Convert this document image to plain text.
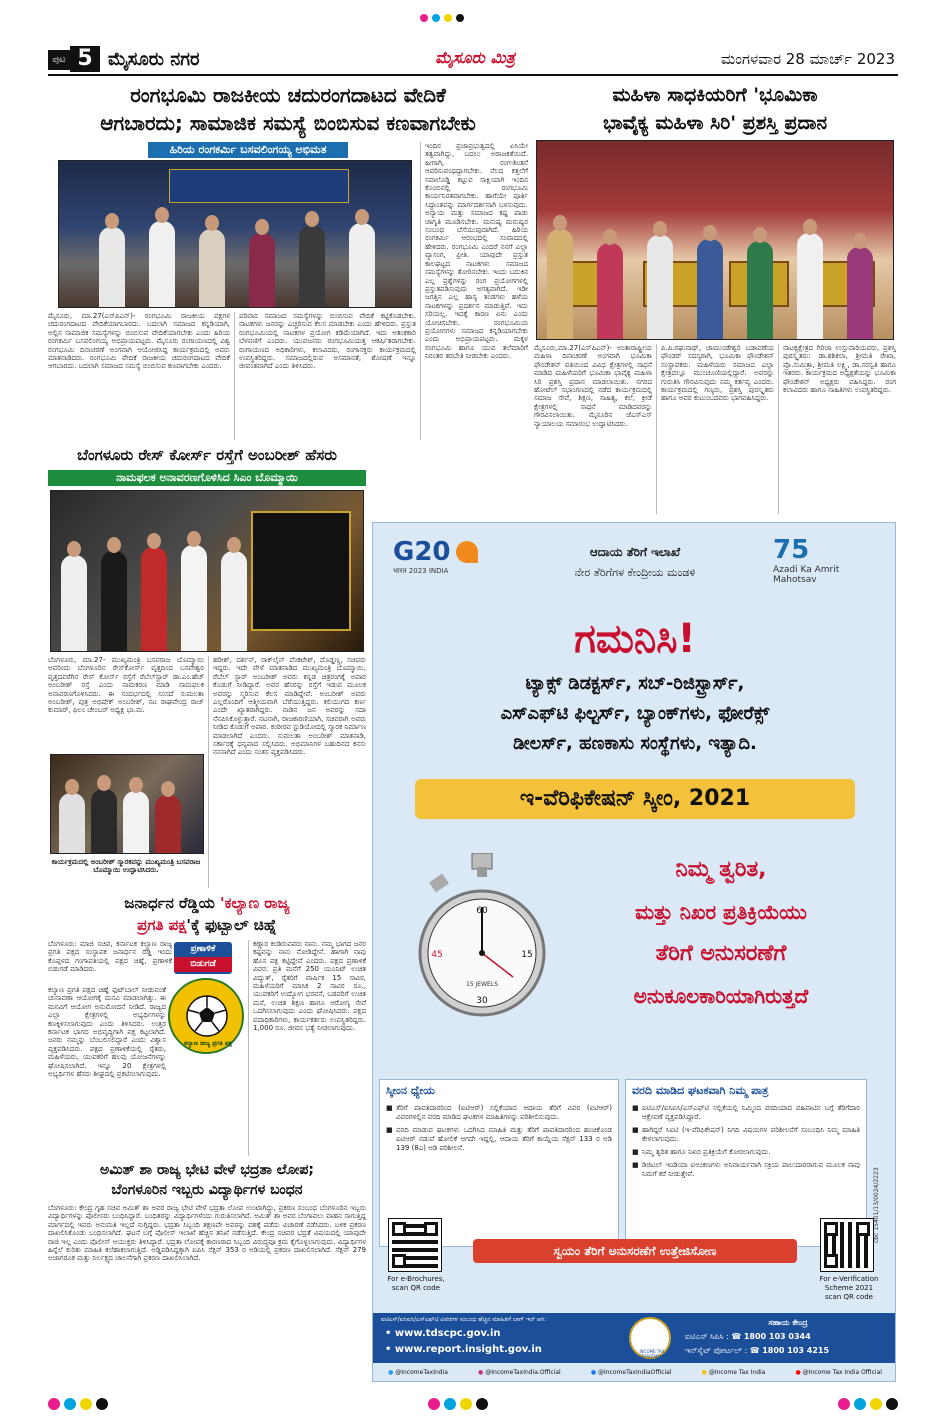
ಪುಟ 5 ಮೈಸೂರು ನಗರ	ಮೈಸೂರು ಮಿತ್ರ	ಮಂಗಳವಾರ 28 ಮಾರ್ಚ್ 2023
ರಂಗಭೂಮಿ ರಾಜಕೀಯ ಚದುರಂಗದಾಟದ ವೇದಿಕೆ
ಆಗಬಾರದು; ಸಾಮಾಜಿಕ ಸಮಸ್ಯೆ ಬಿಂಬಿಸುವ ಕಣವಾಗಬೇಕು
ಹಿರಿಯ ರಂಗಕರ್ಮಿ ಬಸವಲಿಂಗಯ್ಯ ಅಭಿಮತ
ಮೈಸೂರು, ಮಾ.27(ಎಸ್‌ಪಿಎನ್)- ರಂಗಭೂಮಿ ರಾಜಕೀಯ ಪಕ್ಷಗಳ ಚದುರಂಗದಾಟದ ವೇದಿಕೆಯಾಗಬಾರದು. ಬದಲಾಗಿ ಸಮಾಜದ ಕನ್ನಡಿಯಾಗಿ, ಅಲ್ಲಿನ ಸಾಮಾಜಿಕ ಸಮಸ್ಯೆಗಳನ್ನು ಬಿಂಬಿಸುವ ವೇದಿಕೆಯಾಗಬೇಕು ಎಂದು ಹಿರಿಯ ರಂಗಕರ್ಮಿ ಬಸವಲಿಂಗಯ್ಯ ಅಭಿಪ್ರಾಯಪಟ್ಟರು. ಮೈಸೂರು ರಂಗಾಯಣದಲ್ಲಿ ವಿಶ್ವ ರಂಗಭೂಮಿ ದಿನಾಚರಣೆ ಅಂಗವಾಗಿ ಆಯೋಜಿಸಿದ್ದ ಕಾರ್ಯಕ್ರಮದಲ್ಲಿ ಅವರು ಮಾತನಾಡಿದರು. ರಂಗಭೂಮಿ ವೇದಿಕೆ ರಾಜಕೀಯ ಚದುರಂಗದಾಟದ ವೇದಿಕೆ ಆಗಬಾರದು. ಬದಲಾಗಿ ಸಮಾಜದ ಸಮಸ್ಯೆ ಬಿಂಬಿಸುವ ಕಣವಾಗಬೇಕು ಎಂದರು.
ಪರಿವಾರ ಸಮಾಜದ ಸಮಸ್ಯೆಗಳನ್ನು ಬಿಂಬಿಸುವ ವೇದಿಕೆ ಕಟ್ಟಿಕೊಡಬೇಕು. ನಾಟಕಗಳು ಜನರನ್ನು ಎಚ್ಚರಿಸುವ ಕೆಲಸ ಮಾಡಬೇಕು ಎಂದು ಹೇಳಿದರು. ಪ್ರಸ್ತುತ ರಂಗಭೂಮಿಯಲ್ಲಿ ನಾಟಕಗಳ ಪ್ರಯೋಗ ಕಡಿಮೆಯಾಗಿದೆ. ಇದು ಆತಂಕಕಾರಿ ಬೆಳವಣಿಗೆ ಎಂದರು. ಯುವಜನರು ರಂಗಭೂಮಿಯತ್ತ ಆಕರ್ಷಿತರಾಗಬೇಕು. ರಂಗಾಯಣದ ಅಧಿಕಾರಿಗಳು, ಕಲಾವಿದರು, ರಂಗಾಸಕ್ತರು ಕಾರ್ಯಕ್ರಮದಲ್ಲಿ ಉಪಸ್ಥಿತರಿದ್ದರು. ಸಮಾಜದಲ್ಲಿರುವ ಅಸಮಾನತೆ, ಶೋಷಣೆ ಇನ್ನೂ ಜೀವಂತವಾಗಿದೆ ಎಂದು ತಿಳಿಸಿದರು.
ಇಂದಿನ ಪ್ರಜಾಪ್ರಭುತ್ವದಲ್ಲಿ ಏಸಿಯೇ ತತ್ವವಾಗಿದ್ದು, ಬದಲು ಅರಾಜಕತೆಯಿದೆ. ಹೀಗಾಗಿ, ರಂಗ-ಶಿಂತನೆ ಆವರಿಸುವಂಥದ್ದಾಗಬೇಕು. ನೆಲದ ಕತ್ತಲೆಗೆ ಸವಾಲೊಡ್ಡಿ ಕಟ್ಟುವ ಸಾಕ್ಷಿಯಾಗಿ ಇಂದಿನ ಕೊಂಬಿನಲ್ಲಿ ರಂಗಭೂಮಿ ಕಾರ್ಯನಿರತವಾಗಬೇಕು. ಹಾಗೆಯೇ ಪೂರ್ತಿ ಸಿದ್ಧಾಂತವನ್ನು ಮಾರ್ಗದರ್ಶನಾಗಿ ಬಳಸುವುದು. ಅನ್ಯಾಯ ಮತ್ತು ಸಮಾಜದ ಕಷ್ಟ ಪಾಡು ಜಾಗೃತಿ ಮೂಡಿಸಬೇಕು. ಮನುಷ್ಯ ಮನುಷ್ಯರ ಸಂಬಂಧ ಬೆಸೆಯುವುದಾಗಿದೆ. ಹಿರಿಯ ರಂಗಕರ್ಮಿ ಆರಂಭದಲ್ಲಿ ಸಂವಾದದಲ್ಲಿ ಹೇಳಿದರು. ರಂಗಭೂಮಿ ಎಂದರೆ ನನಗೆ ಎಲ್ಲಾ ವ್ಯಾಸಂಗ, ಪ್ರೀತಿ. ಯಾವುದೇ ಪ್ರಸ್ತುತ ಕಾಲಘಟ್ಟದ ನಾಟಕಗಳು ಸಮಾಜದ ಸಮಸ್ಯೆಗಳನ್ನು ತೋರಿಸಬೇಕು. ಇಂದು ಬದುಕಿನ ಎಲ್ಲ ಪ್ರಶ್ನೆಗಳನ್ನು ರಂಗ ಪ್ರಯೋಗಗಳಲ್ಲಿ ಪ್ರಸ್ತುತಪಡಿಸುವುದು ಅಗತ್ಯವಾಗಿದೆ. ಇಡೀ ಜಗತ್ತಿನ ಎಲ್ಲ ಹಾಸ್ಯ ತಂಡಗಳು ಹಳೆಯ ನಾಟಕಗಳನ್ನು ಪ್ರದರ್ಶನ ಮಾಡುತ್ತಿವೆ. ಇದು ಸರಿಯಲ್ಲ. ಇದಕ್ಕೆ ಕಾರಣ ಏನು ಎಂದು ಯೋಚಿಸಬೇಕು. ರಂಗಭೂಮಿಯ ಪ್ರಯೋಗಗಳು ಸಮಾಜದ ಕನ್ನಡಿಯಾಗಬೇಕು ಎಂದು ಅಭಿಪ್ರಾಯಪಟ್ಟರು. ಮಕ್ಕಳ ರಂಗಭೂಮಿ ಹಾಗೂ ಯುವ ತಲೆಮಾರಿಗೆ ನಿರಂತರ ತರಬೇತಿ ನೀಡಬೇಕು ಎಂದರು.
ಮಹಿಳಾ ಸಾಧಕಿಯರಿಗೆ 'ಭೂಮಿಕಾ
ಭಾವೈಕ್ಯ ಮಹಿಳಾ ಸಿರಿ' ಪ್ರಶಸ್ತಿ ಪ್ರದಾನ
ಮೈಸೂರು,ಮಾ.27(ಎಸ್‌ಪಿಎನ್)- ಅಂತಾರಾಷ್ಟ್ರೀಯ ಮಹಿಳಾ ದಿನಾಚರಣೆ ಅಂಗವಾಗಿ ಭೂಮಿಕಾ ಫೌಂಡೇಶನ್ ವತಿಯಿಂದ ವಿವಿಧ ಕ್ಷೇತ್ರಗಳಲ್ಲಿ ಸಾಧನೆ ಮಾಡಿದ ಮಹಿಳೆಯರಿಗೆ ಭೂಮಿಕಾ ಭಾವೈಕ್ಯ ಮಹಿಳಾ ಸಿರಿ ಪ್ರಶಸ್ತಿ ಪ್ರದಾನ ಮಾಡಲಾಯಿತು. ನಗರದ ಹೋಟೆಲ್ ಸಭಾಂಗಣದಲ್ಲಿ ನಡೆದ ಕಾರ್ಯಕ್ರಮದಲ್ಲಿ ಸಮಾಜ ಸೇವೆ, ಶಿಕ್ಷಣ, ಸಾಹಿತ್ಯ, ಕಲೆ, ಕ್ರೀಡೆ ಕ್ಷೇತ್ರಗಳಲ್ಲಿ ಸಾಧನೆ ಮಾಡಿದವರನ್ನು ಗೌರವಿಸಲಾಯಿತು. ಮೈಸೂರಿನ ಜೆಎಸ್ಎಸ್ ನ್ಯಾಯಾಲಯ ಸಮಾರಂಭ ಉದ್ಘಾಟಿಸಿದರು.
ಪಿ.ಪಿ.ರಘುನಾಥ್, ಚಾಮುಂಡೇಶ್ವರಿ ಬಡಾವಣೆಯ ಫೌಂಡರ್ ಸದಸ್ಯರಾಗಿ, ಭೂಮಿಕಾ ಫೌಂಡೇಶನ್ ಸಂಸ್ಥಾಪಕರು. ಮಹಿಳೆಯರು ಸಮಾಜದ ಎಲ್ಲಾ ಕ್ಷೇತ್ರದಲ್ಲೂ ಮುಂಚೂಣಿಯಲ್ಲಿದ್ದಾರೆ. ಅವರನ್ನು ಗುರುತಿಸಿ ಗೌರವಿಸುವುದು ನಮ್ಮ ಕರ್ತವ್ಯ ಎಂದರು. ಕಾರ್ಯಕ್ರಮದಲ್ಲಿ ಗಣ್ಯರು, ಪ್ರಶಸ್ತಿ ಪುರಸ್ಕೃತರು ಹಾಗೂ ಅವರ ಕುಟುಂಬದವರು ಭಾಗವಹಿಸಿದ್ದರು.
ನಾಟಕ್ಯಕ್ಷೇತ್ರದ ಗಿರಿಜಾ ಉಸ್ತುವಾರಿಯವರು, ಪ್ರಶಸ್ತಿ ಪುರಸ್ಕೃತರು: ಡಾ.ಶಶಿಕಲಾ, ಶ್ರೀಮತಿ ರೇಖಾ, ಪ್ರೊ.ಸುಮಿತ್ರಾ, ಶ್ರೀಮತಿ ಲಕ್ಷ್ಮಿ, ಡಾ.ಸರಸ್ವತಿ ಹಾಗೂ ಇತರರು. ಕಾರ್ಯಕ್ರಮದ ಅಧ್ಯಕ್ಷತೆಯನ್ನು ಭೂಮಿಕಾ ಫೌಂಡೇಶನ್ ಅಧ್ಯಕ್ಷರು ವಹಿಸಿದ್ದರು. ರಂಗ ಕಲಾವಿದರು ಹಾಗೂ ಸಾಹಿತಿಗಳು ಉಪಸ್ಥಿತರಿದ್ದರು.
ಬೆಂಗಳೂರು ರೇಸ್ ಕೋರ್ಸ್ ರಸ್ತೆಗೆ ಅಂಬರೀಶ್ ಹೆಸರು
ನಾಮಫಲಕ ಅನಾವರಣಗೊಳಿಸಿದ ಸಿಎಂ ಬೊಮ್ಮಾಯಿ
ಬೆಂಗಳೂರು, ಮಾ.27- ಮುಖ್ಯಮಂತ್ರಿ ಬಸವರಾಜ ಬೊಮ್ಮಾಯಿ ಅವರಿಂದು ಬೆಂಗಳೂರಿನ ರೇಸ್‌ಕೋರ್ಸ್ ವೃತ್ತದಿಂದ ಬಸವೇಶ್ವರ ವೃತ್ತದವರೆಗಿನ ರೇಸ್ ಕೋರ್ಸ್ ರಸ್ತೆಗೆ ರೆಬೆಲ್‌ಸ್ಟಾರ್ ಡಾ.ಎಂ.ಹೆಚ್ ಅಂಬರೀಶ್ ರಸ್ತೆ ಎಂದು ನಾಮಕರಣ ಮಾಡಿ ನಾಮಫಲಕ ಅನಾವರಣಗೊಳಿಸಿದರು. ಈ ಸಂದರ್ಭದಲ್ಲಿ ಸಂಸದೆ ಸುಮಲತಾ ಅಂಬರೀಶ್, ಪುತ್ರ ಅಭಿಷೇಕ್ ಅಂಬರೀಶ್, ನಟ ರಾಘವೇಂದ್ರ ರಾಜ್ ಕುಮಾರ್, ಫಿಲಂ ಚೇಂಬರ್ ಅಧ್ಯಕ್ಷ ಭಾ.ಮ.
ಕಾರ್ಯಕ್ರಮದಲ್ಲಿ ಅಂಬರೀಶ್ ಸ್ಮಾರಕವನ್ನು ಮುಖ್ಯಮಂತ್ರಿ ಬಸವರಾಜ ಬೊಮ್ಮಾಯಿ ಉದ್ಘಾಟಿಸಿದರು.
ಹರೀಶ್, ದರ್ಶನ್, ರಾಕ್‌ಲೈನ್ ವೆಂಕಟೇಶ್, ದೊಡ್ಡಣ್ಣ, ಸಚಿವರು ಇದ್ದರು. ಇದೇ ವೇಳೆ ಮಾತನಾಡಿದ ಮುಖ್ಯಮಂತ್ರಿ ಬೊಮ್ಮಾಯಿ, ರೆಬೆಲ್ ಸ್ಟಾರ್ ಅಂಬರೀಶ್ ಅವರು ಕನ್ನಡ ಚಿತ್ರರಂಗಕ್ಕೆ ಅಪಾರ ಕೊಡುಗೆ ನೀಡಿದ್ದಾರೆ. ಅವರ ಹೆಸರನ್ನು ರಸ್ತೆಗೆ ಇಡುವ ಮೂಲಕ ಅವರನ್ನು ಸ್ಮರಿಸುವ ಕೆಲಸ ಮಾಡಿದ್ದೇವೆ. ಅಂಬರೀಶ್ ಅವರು ಎಲ್ಲರೊಂದಿಗೆ ಆತ್ಮೀಯವಾಗಿ ಬೆರೆಯುತ್ತಿದ್ದರು. ಕಲಿಯುಗದ ಕರ್ಣ ಎಂದೇ ಖ್ಯಾತರಾಗಿದ್ದರು. ನಾಡಿನ ಜನ ಅವರನ್ನು ಸದಾ ನೆನಪಿಸಿಕೊಳ್ಳುತ್ತಾರೆ. ನಟನಾಗಿ, ರಾಜಕಾರಣಿಯಾಗಿ, ಸಚಿವರಾಗಿ ಅವರು ನೀಡಿದ ಕೊಡುಗೆ ಅಪಾರ. ಕಂಠೀರವ ಸ್ಟುಡಿಯೋದಲ್ಲಿ ಸ್ಮಾರಕ ನಿರ್ಮಾಣ ಮಾಡಲಾಗಿದೆ ಎಂದರು. ಸುಮಲತಾ ಅಂಬರೀಶ್ ಮಾತನಾಡಿ, ಸರ್ಕಾರಕ್ಕೆ ಧನ್ಯವಾದ ಸಲ್ಲಿಸಿದರು. ಅಭಿಮಾನಿಗಳ ಬಹುದಿನದ ಕನಸು ನನಸಾಗಿದೆ ಎಂದು ಸಂತಸ ವ್ಯಕ್ತಪಡಿಸಿದರು.
ಜನಾರ್ಧನ ರೆಡ್ಡಿಯ 'ಕಲ್ಯಾಣ ರಾಜ್ಯ
ಪ್ರಗತಿ ಪಕ್ಷ'ಕ್ಕೆ ಫುಟ್ಬಾಲ್ ಚಿಹ್ನೆ
ಬೆಂಗಳೂರು: ಮಾಜಿ ಸಚಿವ, ಕರ್ನಾಟಕ ಕಲ್ಯಾಣ ರಾಜ್ಯ ಪ್ರಗತಿ ಪಕ್ಷದ ಸಂಸ್ಥಾಪಕ ಜನಾರ್ಧನ ರೆಡ್ಡಿ ಇಂದು ಕೊಪ್ಪಳದ ಗಂಗಾವತಿಯಲ್ಲಿ ಪಕ್ಷದ ಚಿಹ್ನೆ, ಪ್ರಣಾಳಿಕೆ ಬಿಡುಗಡೆ ಮಾಡಿದರು.
ಪ್ರಣಾಳಿಕೆ
ಬಿಡುಗಡೆ
ಕಲ್ಯಾಣ ರಾಜ್ಯ ಪ್ರಗತಿ ಪಕ್ಷ
ಕಲ್ಯಾಣ ಪ್ರಗತಿ ಪಕ್ಷದ ಚಿಹ್ನೆ ಫುಟ್‌ಬಾಲ್ ನೀಡುವಂತೆ ಚುನಾವಣಾ ಆಯೋಗಕ್ಕೆ ಮನವಿ ಮಾಡಲಾಗಿತ್ತು. ಈ ಮನವಿಗೆ ಆಯೋಗ ಅನುಮೋದನೆ ನೀಡಿದೆ. ರಾಜ್ಯದ ಎಲ್ಲಾ ಕ್ಷೇತ್ರಗಳಲ್ಲಿ ಅಭ್ಯರ್ಥಿಗಳನ್ನು ಕಣಕ್ಕಿಳಿಸಲಾಗುವುದು ಎಂದು ತಿಳಿಸಿದರು. ಉತ್ತರ ಕರ್ನಾಟಕ ಭಾಗದ ಅಭಿವೃದ್ಧಿಗಾಗಿ ಪಕ್ಷ ಕಟ್ಟಲಾಗಿದೆ. ಜನರು ನಮ್ಮನ್ನು ಬೆಂಬಲಿಸಲಿದ್ದಾರೆ ಎಂದು ವಿಶ್ವಾಸ ವ್ಯಕ್ತಪಡಿಸಿದರು. ಪಕ್ಷದ ಪ್ರಣಾಳಿಕೆಯಲ್ಲಿ ರೈತರು, ಮಹಿಳೆಯರು, ಯುವಕರಿಗೆ ಹಲವು ಯೋಜನೆಗಳನ್ನು ಘೋಷಿಸಲಾಗಿದೆ. ಇನ್ನೂ 20 ಕ್ಷೇತ್ರಗಳಲ್ಲಿ ಅಭ್ಯರ್ಥಿಗಳ ಹೆಸರು ಶೀಘ್ರದಲ್ಲಿ ಪ್ರಕಟಿಸಲಾಗುವುದು.
ಕಣ್ಣಾರ ಕಂಡಿರುವವರು ನಾನು. ನಮ್ಮ ಭಾಗದ ಜನರ ಕಷ್ಟವನ್ನು ನಾನು ನೋಡಿದ್ದೇನೆ. ಹಾಗಾಗಿ ನಾವು ಹೊಸ ಪಕ್ಷ ಕಟ್ಟಿದ್ದೇವೆ ಎಂದರು. ಪಕ್ಷದ ಪ್ರಣಾಳಿಕೆ ವಿವರ: ಪ್ರತಿ ಮನೆಗೆ 250 ಯೂನಿಟ್ ಉಚಿತ ವಿದ್ಯುತ್, ರೈತರಿಗೆ ವಾರ್ಷಿಕ 15 ಸಾವಿರ, ಮಹಿಳೆಯರಿಗೆ ಮಾಸಿಕ 2 ಸಾವಿರ ರೂ., ಯುವಕರಿಗೆ ಉದ್ಯೋಗ ಭರವಸೆ, ಬಡವರಿಗೆ ಉಚಿತ ಮನೆ, ಉಚಿತ ಶಿಕ್ಷಣ ಹಾಗೂ ಆರೋಗ್ಯ ಸೇವೆ ಒದಗಿಸಲಾಗುವುದು ಎಂದು ಘೋಷಿಸಿದರು. ಪಕ್ಷದ ಪದಾಧಿಕಾರಿಗಳು, ಕಾರ್ಯಕರ್ತರು ಉಪಸ್ಥಿತರಿದ್ದರು. 1,000 ರೂ. ಜೀವನ ಭತ್ಯೆ ನೀಡಲಾಗುವುದು.
ಅಮಿತ್ ಶಾ ರಾಜ್ಯ ಭೇಟಿ ವೇಳೆ ಭದ್ರತಾ ಲೋಪ;
ಬೆಂಗಳೂರಿನ ಇಬ್ಬರು ವಿದ್ಯಾರ್ಥಿಗಳ ಬಂಧನ
ಬೆಂಗಳೂರು: ಕೇಂದ್ರ ಗೃಹ ಸಚಿವ ಅಮಿತ್ ಶಾ ಅವರ ರಾಜ್ಯ ಭೇಟಿ ವೇಳೆ ಭದ್ರತಾ ಲೋಪ ಉಂಟಾಗಿದ್ದು, ಪ್ರಕರಣ ಸಂಬಂಧ ಬೆಂಗಳೂರಿನ ಇಬ್ಬರು ವಿದ್ಯಾರ್ಥಿಗಳನ್ನು ಪೊಲೀಸರು ಬಂಧಿಸಿದ್ದಾರೆ. ಬಂಧಿತರನ್ನು ವಿದ್ಯಾರ್ಥಿಗಳೆಂದು ಗುರುತಿಸಲಾಗಿದೆ. ಅಮಿತ್ ಶಾ ಅವರ ಬೆಂಗಾವಲು ವಾಹನ ಸಾಗುತ್ತಿದ್ದ ಮಾರ್ಗದಲ್ಲಿ ಇವರು ಅನುಮತಿ ಇಲ್ಲದೆ ನುಗ್ಗಿದ್ದರು. ಭದ್ರತಾ ಸಿಬ್ಬಂದಿ ತಕ್ಷಣವೇ ಅವರನ್ನು ವಶಕ್ಕೆ ಪಡೆದು ವಿಚಾರಣೆ ನಡೆಸಿದರು. ಬಳಿಕ ಪ್ರಕರಣ ದಾಖಲಿಸಿಕೊಂಡು ಬಂಧಿಸಲಾಗಿದೆ. ಘಟನೆ ಬಗ್ಗೆ ಪೊಲೀಸ್ ಇಲಾಖೆ ಹೆಚ್ಚಿನ ತನಿಖೆ ನಡೆಸುತ್ತಿದೆ. ಕೇಂದ್ರ ಸಚಿವರ ಭದ್ರತೆ ವಿಷಯದಲ್ಲಿ ಯಾವುದೇ ರಾಜಿ ಇಲ್ಲ ಎಂದು ಪೊಲೀಸ್ ಆಯುಕ್ತರು ತಿಳಿಸಿದ್ದಾರೆ. ಭದ್ರತಾ ಲೋಪಕ್ಕೆ ಕಾರಣರಾದ ಸಿಬ್ಬಂದಿ ವಿರುದ್ಧವೂ ಕ್ರಮ ಕೈಗೊಳ್ಳಲಾಗುವುದು. ವಿದ್ಯಾರ್ಥಿಗಳ ಹಿನ್ನೆಲೆ ಕುರಿತು ಮಾಹಿತಿ ಕಲೆಹಾಕಲಾಗುತ್ತಿದೆ. ಅಡ್ಡಿಪಡಿಸಿದ್ದಕ್ಕಾಗಿ ಐಪಿಸಿ ಸೆಕ್ಷನ್ 353 ರ ಅಡಿಯಲ್ಲಿ ಪ್ರಕರಣ ದಾಖಲಿಸಲಾಗಿದೆ. ಸೆಕ್ಷನ್ 279 ಅಜಾಗರೂಕ ಮತ್ತು ನಿರ್ಲಕ್ಷ್ಯದ ಚಾಲನೆಗಾಗಿ ಪ್ರಕರಣ ದಾಖಲಿಸಿಲಾಗಿದೆ.
G20
भारत 2023 INDIA
ಆದಾಯ ತೆರಿಗೆ ಇಲಾಖೆ
ನೇರ ತೆರಿಗೆಗಳ ಕೇಂದ್ರೀಯ ಮಂಡಳಿ
75
Azadi Ka Amrit Mahotsav
ಗಮನಿಸಿ!
ಟ್ಯಾಕ್ಸ್ ಡಿಡಕ್ಟರ್ಸ್, ಸಬ್-ರಿಜಿಸ್ಟ್ರಾರ್ಸ್,
ಎಸ್‌ಎಫ್‌ಟಿ ಫಿಲ್ಟರ್ಸ್, ಬ್ಯಾಂಕ್‌ಗಳು, ಫೋರೆಕ್ಸ್
ಡೀಲರ್ಸ್, ಹಣಕಾಸು ಸಂಸ್ಥೆಗಳು, ಇತ್ಯಾದಿ.
ಇ-ವೆರಿಫಿಕೇಷನ್ ಸ್ಕೀಂ, 2021
60
15
30
45
15 JEWELS
ನಿಮ್ಮ ತ್ವರಿತ,
ಮತ್ತು ನಿಖರ ಪ್ರತಿಕ್ರಿಯೆಯು
ತೆರಿಗೆ ಅನುಸರಣೆಗೆ
ಅನುಕೂಲಕಾರಿಯಾಗಿರುತ್ತದೆ
ಸ್ಕೀಂನ ಧ್ಯೇಯ
■ ತೆರಿಗೆ ಪಾವತಿದಾರರಿಂದ (ಐಟಿಆರ್) ಸಲ್ಲಿಕೆಯಾದ ಆದಾಯ ತೆರಿಗೆ ವಿವರ (ಐಟಿಆರ್) ವಿವರಗಳಲ್ಲಿನ ವರದಿ ಮಾಡಿದ ಘಟಕಗಳ ಮಾಹಿತಿಗಳನ್ನು ಪರಿಶೀಲಿಸುವುದು.
■ ವರದಿ ಮಾಡುವ ಘಟಕಗಳು ಒದಗಿಸಿದ ಮಾಹಿತಿ ಮತ್ತು ತೆರಿಗೆ ಪಾವತಿದಾರರಿಂದ ಹಂಚಿಕೊಂಡ ಐಟಿಆರ್ ನಡುವೆ ಹೋಲಿಕೆ ಆಗದೇ ಇದ್ದಲ್ಲಿ, ಆದಾಯ ತೆರಿಗೆ ಕಾಯ್ದೆಯ ಸೆಕ್ಷನ್ 133 ರ ಅಡಿ 139 (8ಎ) ಅಡಿ ಪರಿಶೀಲನೆ.
ವರದಿ ಮಾಡಿದ ಘಟಕವಾಗಿ ನಿಮ್ಮ ಪಾತ್ರ
■ ಐಟಿಎಸ್/ಐಸಿಐಸಿ/ಎಸ್‌ಎಫ್‌ಟಿ ಸಲ್ಲಿಕೆಯಲ್ಲಿ ನಿಮ್ಮಿಂದ ವರದಿಯಾದ ವಹಿವಾಟಿನ ಬಗ್ಗೆ ತೆರಿಗೆದಾರ ಆಕ್ಷೇಪಣೆ ವ್ಯಕ್ತಪಡಿಸಿದ್ದಾರೆ.
■ ಹಾಗಿದ್ದರೆ ಸಿಐಟಿ (ಇ-ವೆರಿಫಿಕೇಷನ್) ನಿಗದಿ ವಿಷಯಗಳ ಪರಿಶೀಲನೆಗೆ ಸಂಬಂಧಿಸಿ ನಿಮ್ಮ ಮಾಹಿತಿ ಕೇಳಲಾಗುವುದು.
■ ನಿಮ್ಮ ತ್ವರಿತ ಹಾಗೂ ನಿಖರ ಪ್ರತಿಕ್ರಿಯೆಗೆ ಕೋರಲಾಗುವುದು.
■ ಡಿಜಿಟಲ್ ಇಂಡಿಯಾ ಐಅಂಕಣಗಳು ಅನಿವಾರ್ಯವಾಗಿ ಸಕ್ರಿಯ ಪಾಲುದಾರರಾಗುವ ಮೂಲಕ ನಾವು ನಿಮಗೆ ಕರೆ ನೀಡುತ್ತೇವೆ.	cbc 15401/13/0024/2223
For e-Brochures,
scan QR code
For e-Verification
Scheme 2021
scan QR code
ಸ್ವಯಂ ತೆರಿಗೆ ಅನುಸರಣೆಗೆ ಉತ್ತೇಜಿಸೋಣ
ಐಟಿಎಸ್/ಐಸಿಐಸಿ/ಎಸ್‌ಎಫ್‌ಟಿ ವಿವರಗಳ ಸಂಬಂಧ ಹೆಚ್ಚಿನ ಮಾಹಿತಿಗೆ ಲಾಗ್ ಇನ್ ಆಗಿ:
• www.tdscpc.gov.in
• www.report.insight.gov.in	INCOME TAX DEPARTMENT
ಸಹಾಯ ಕೇಂದ್ರ
ಐಟಿಎಸ್ ಸಿಪಿಸಿ : ☎ 1800 103 0344
ಇನ್‌ಸೈಟ್ ಪೋರ್ಟಲ್ : ☎ 1800 103 4215
● @IncomeTaxIndia	● @IncomeTaxIndia.Official	● @IncomeTaxIndiaOfficial	● @Income Tax India	● @Income Tax India Official
